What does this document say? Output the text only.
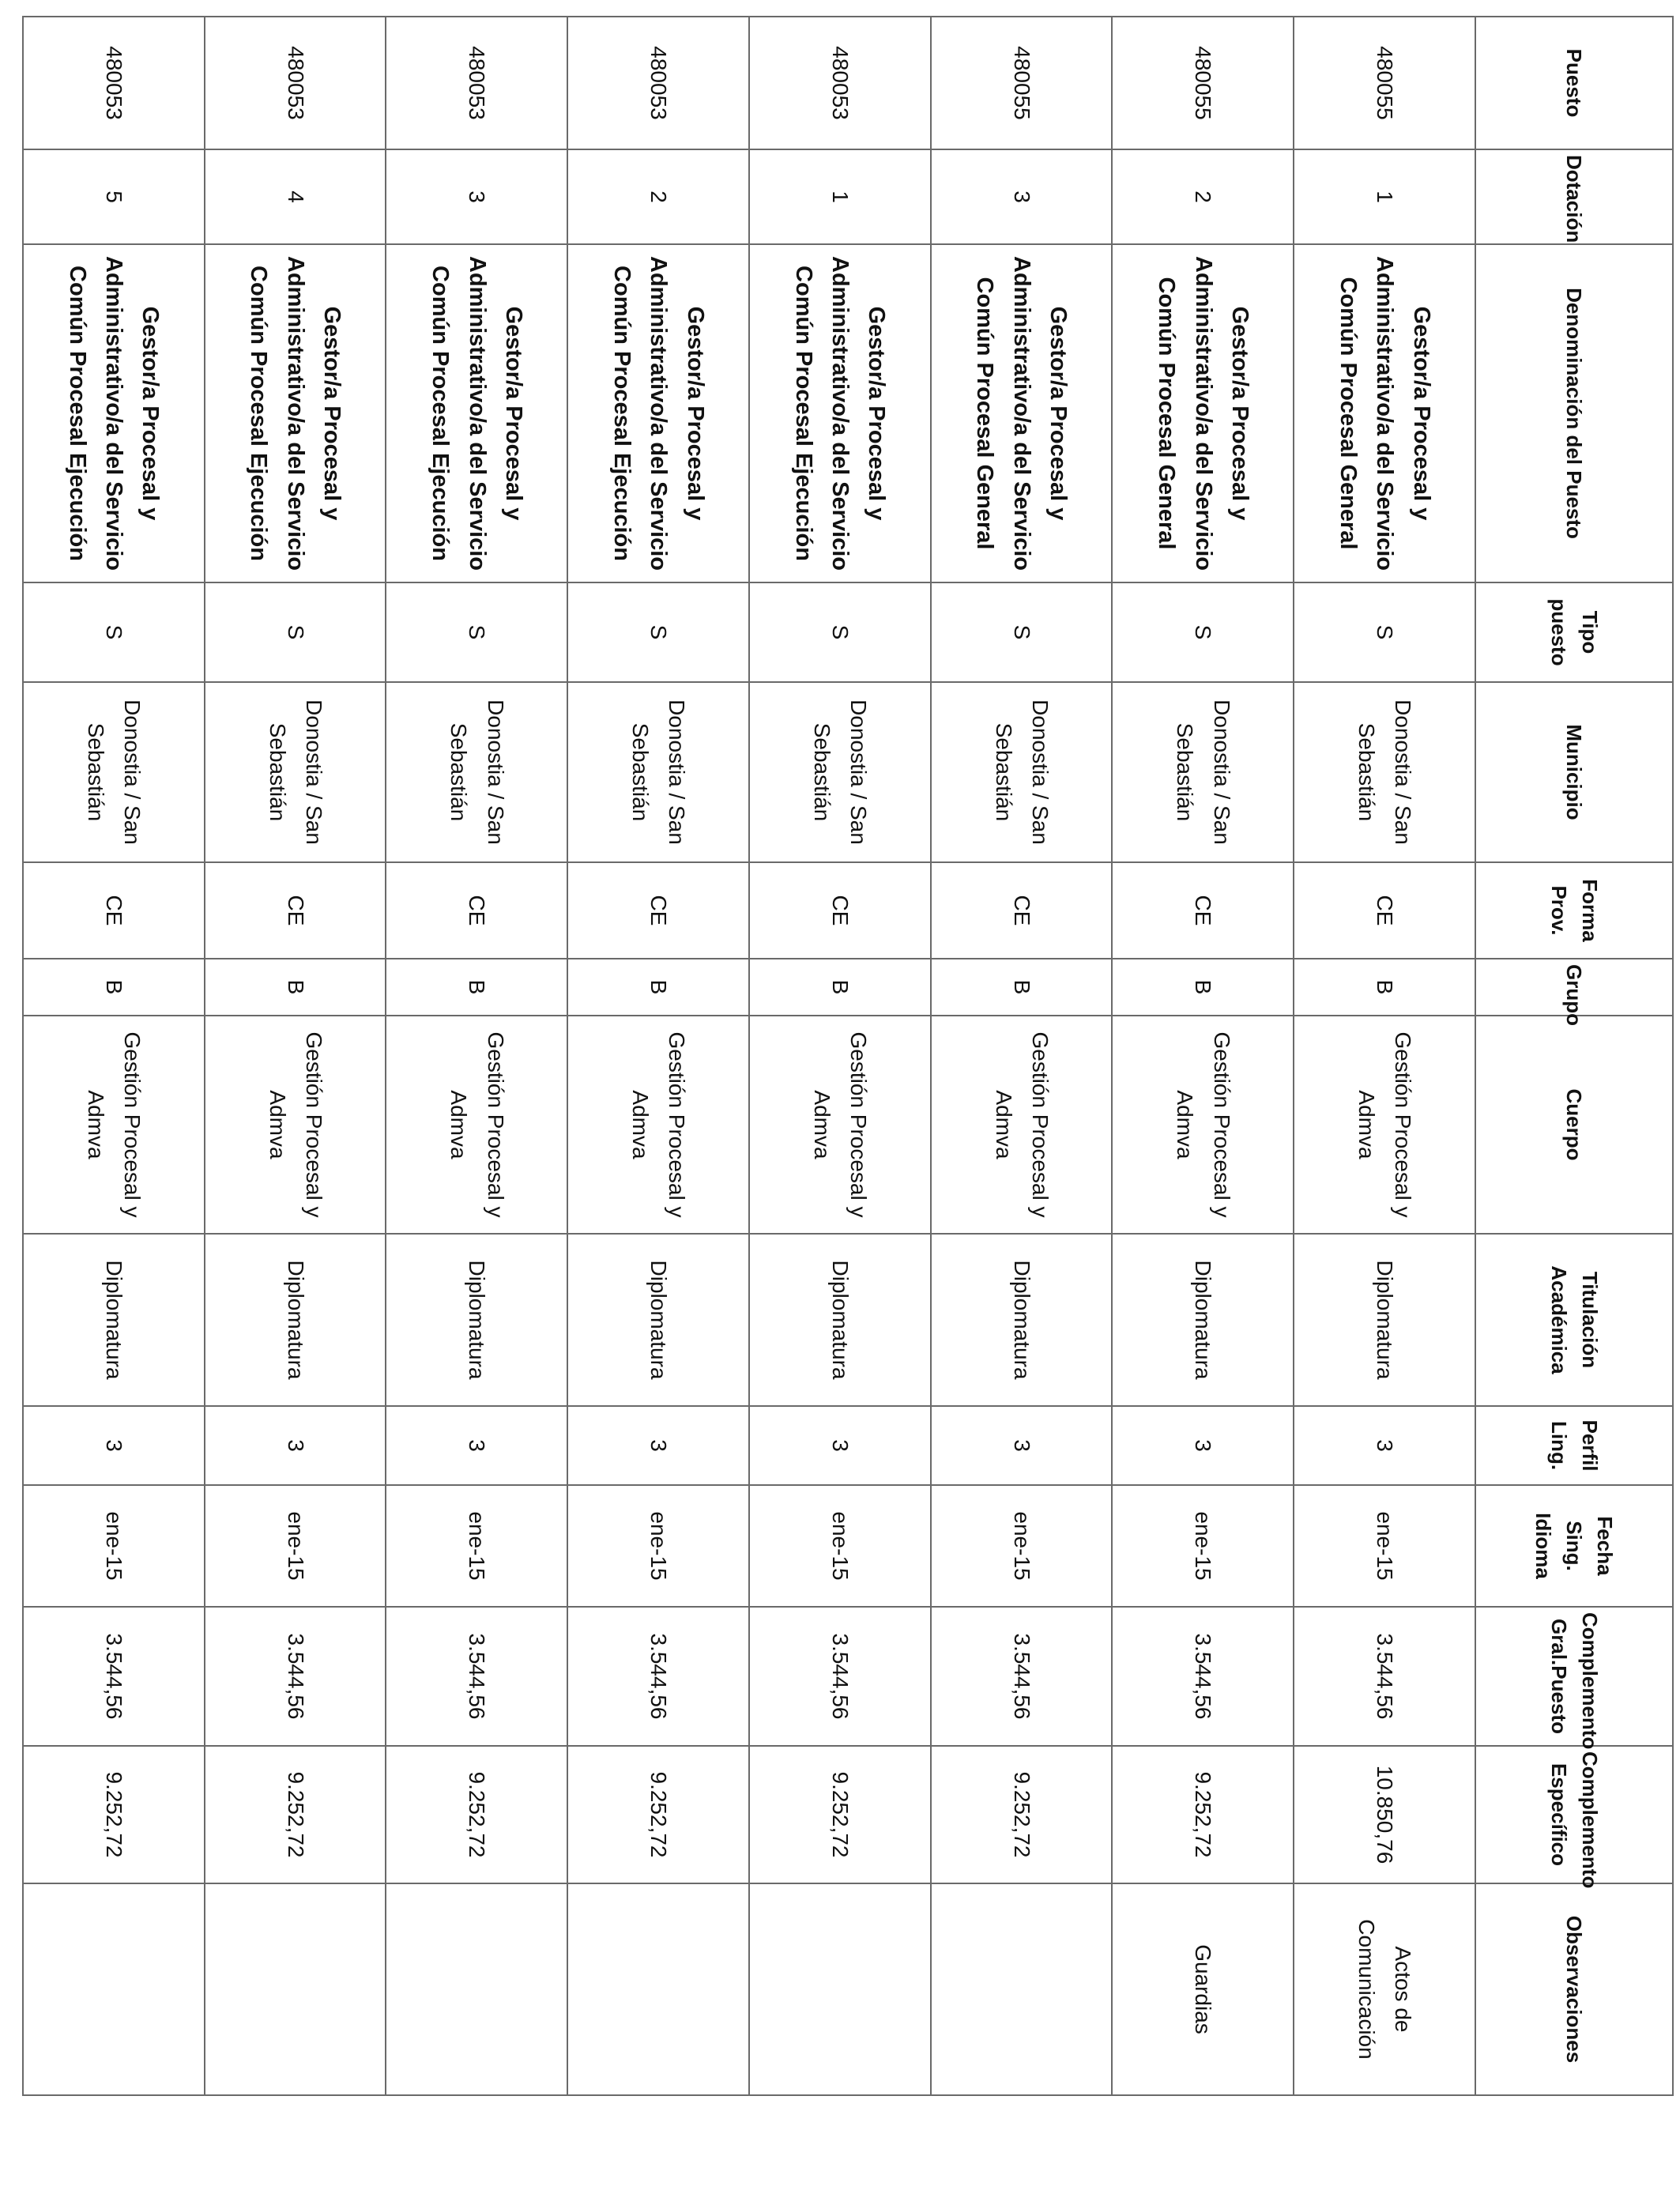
Puesto	Dotación	Denominación del Puesto	Tipo puesto	Municipio	Forma Prov.	Grupo	Cuerpo	Titulación Académica	Perfil Ling.	Fecha Sing. Idioma	Complemento Gral.Puesto	Complemento Específico	Observaciones
480055	1	Gestor/a Procesal y Administrativo/a del Servicio Común Procesal General	S	Donostia / San Sebastián	CE	B	Gestión Procesal y Admva	Diplomatura	3	ene-15	3.544,56	10.850,76	Actos de Comunicación
480055	2	Gestor/a Procesal y Administrativo/a del Servicio Común Procesal General	S	Donostia / San Sebastián	CE	B	Gestión Procesal y Admva	Diplomatura	3	ene-15	3.544,56	9.252,72	Guardias
480055	3	Gestor/a Procesal y Administrativo/a del Servicio Común Procesal General	S	Donostia / San Sebastián	CE	B	Gestión Procesal y Admva	Diplomatura	3	ene-15	3.544,56	9.252,72	
480053	1	Gestor/a Procesal y Administrativo/a del Servicio Común Procesal Ejecución	S	Donostia / San Sebastián	CE	B	Gestión Procesal y Admva	Diplomatura	3	ene-15	3.544,56	9.252,72	
480053	2	Gestor/a Procesal y Administrativo/a del Servicio Común Procesal Ejecución	S	Donostia / San Sebastián	CE	B	Gestión Procesal y Admva	Diplomatura	3	ene-15	3.544,56	9.252,72	
480053	3	Gestor/a Procesal y Administrativo/a del Servicio Común Procesal Ejecución	S	Donostia / San Sebastián	CE	B	Gestión Procesal y Admva	Diplomatura	3	ene-15	3.544,56	9.252,72	
480053	4	Gestor/a Procesal y Administrativo/a del Servicio Común Procesal Ejecución	S	Donostia / San Sebastián	CE	B	Gestión Procesal y Admva	Diplomatura	3	ene-15	3.544,56	9.252,72	
480053	5	Gestor/a Procesal y Administrativo/a del Servicio Común Procesal Ejecución	S	Donostia / San Sebastián	CE	B	Gestión Procesal y Admva	Diplomatura	3	ene-15	3.544,56	9.252,72	
